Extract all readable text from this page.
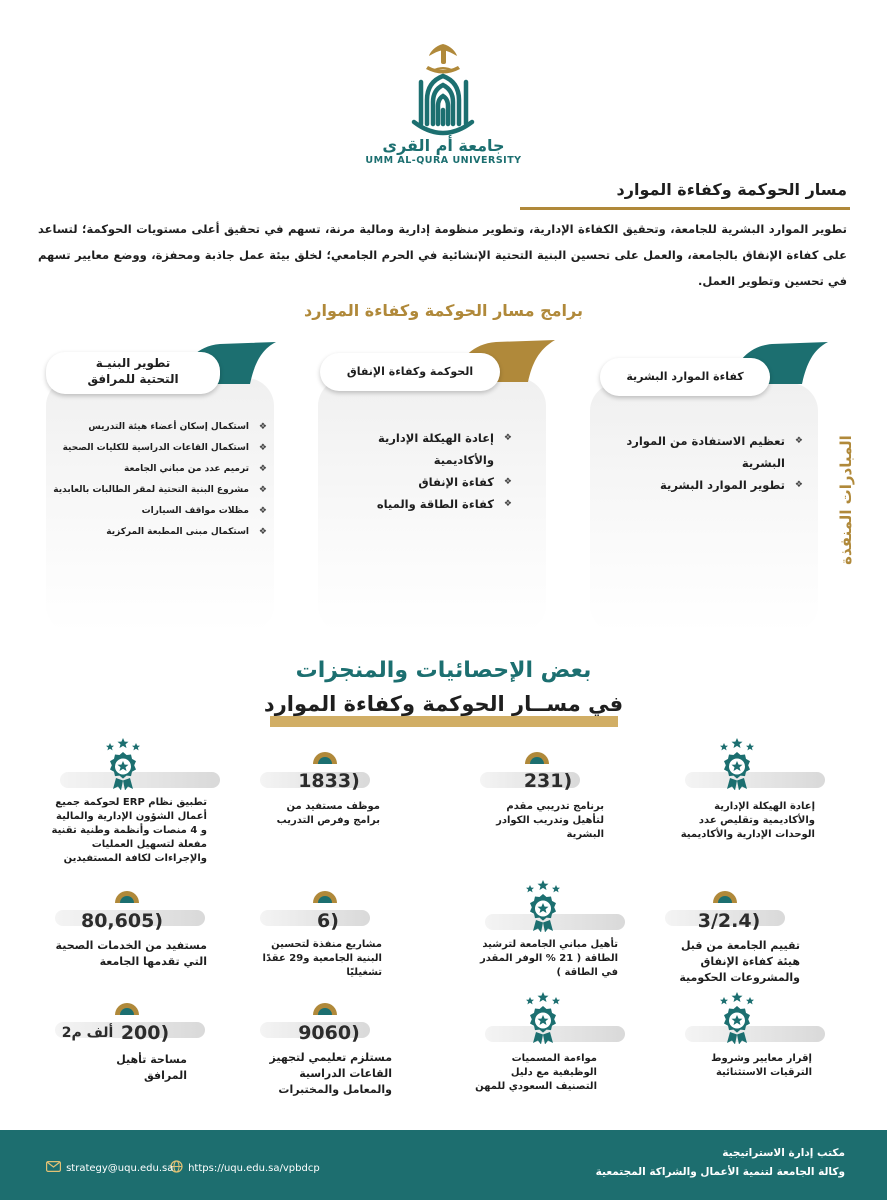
جامعة أم القرى
UMM AL-QURA UNIVERSITY
مسار الحوكمة وكفاءة الموارد
تطوير الموارد البشرية للجامعة، وتحقيق الكفاءة الإدارية، وتطوير منظومة إدارية ومالية مرنة، تسهم في تحقيق أعلى مستويات الحوكمة؛ لتساعد على كفاءة الإنفاق بالجامعة، والعمل على تحسين البنية التحتية الإنشائية في الحرم الجامعي؛ لخلق بيئة عمل جاذبة ومحفزة، ووضع معايير تسهم في تحسين وتطوير العمل.
برامج مسار الحوكمة وكفاءة الموارد
كفاءة الموارد البشرية
الحوكمة وكفاءة الإنفاق
تطوير البنيـة
التحتية للمرافق
❖
تعظيم الاستفادة من الموارد البشرية
❖
تطوير الموارد البشرية
❖
إعادة الهيكلة الإدارية والأكاديمية
❖
كفاءة الإنفاق
❖
كفاءة الطاقة والمياه
❖
استكمال إسكان أعضاء هيئة التدريس
❖
استكمال القاعات الدراسية للكليات الصحية
❖
ترميم عدد من مباني الجامعة
❖
مشروع البنية التحتية لمقر الطالبات بالعابدية
❖
مظلات مواقف السيارات
❖
استكمال مبنى المطبعة المركزية	المبادرات المنفذة
بعض الإحصائيات والمنجزات
في مســار الحوكمة وكفاءة الموارد
إعادة الهيكلة الإدارية والأكاديمية وتقليص عدد الوحدات الإدارية والأكاديمية
(231
برنامج تدريبي مقدم لتأهيل وتدريب الكوادر البشرية
(1833
موظف مستفيد من برامج وفرص التدريب
تطبيق نظام ERP لحوكمة جميع أعمال الشؤون الإدارية والمالية و 4 منصات وأنظمة وطنية تقنية مفعلة لتسهيل العمليات والإجراءات لكافة المستفيدين
(3/2.4
تقييم الجامعة من قبل هيئة كفاءة الإنفاق والمشروعات الحكومية
تأهيل مباني الجامعة لترشيد الطاقة ( 21 % الوفر المقدر في الطاقة )
(6
مشاريع منفذة لتحسين البنية الجامعية و29 عقدًا تشغيليًا
(80,605
مستفيد من الخدمات الصحية التي تقدمها الجامعة
إقرار معايير وشروط الترقيات الاستثنائية
مواءمة المسميات الوظيفية مع دليل التصنيف السعودي للمهن
(9060
مستلزم تعليمي لتجهيز القاعات الدراسية والمعامل والمختبرات
(200
ألف م2
مساحة تأهيل المرافق
مكتب إدارة الاستراتيجية
وكالة الجامعة لتنمية الأعمال والشراكة المجتمعية
https://uqu.edu.sa/vpbdcp
strategy@uqu.edu.sa
